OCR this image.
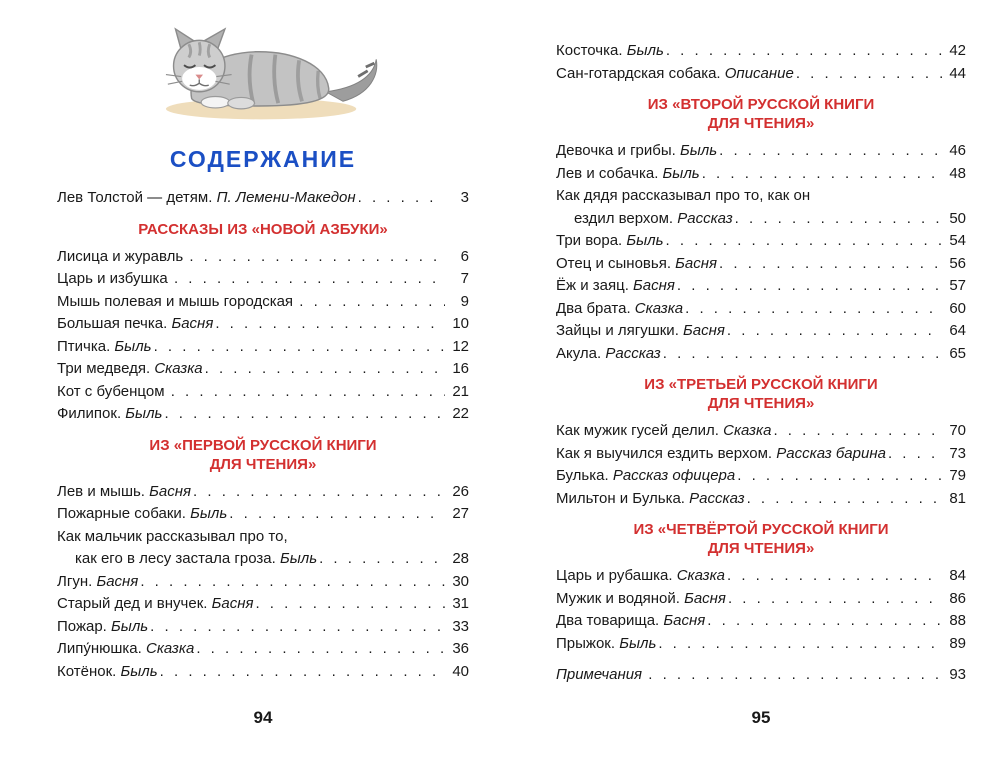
СОДЕРЖАНИЕ
Лев Толстой — детям. П. Лемени-Македон . . .	3
РАССКАЗЫ ИЗ «НОВОЙ АЗБУКИ»
Лисица и журавль . . .	6
Царь и избушка . . .	7
Мышь полевая и мышь городская . . .	9
Большая печка. Басня . . .	10
Птичка. Быль . . .	12
Три медведя. Сказка . . .	16
Кот с бубенцом . . .	21
Филипок. Быль . . .	22
ИЗ «ПЕРВОЙ РУССКОЙ КНИГИ
ДЛЯ ЧТЕНИЯ»
Лев и мышь. Басня . . .	26
Пожарные собаки. Быль . . .	27
Как мальчик рассказывал про то,
как его в лесу застала гроза. Быль . . .	28
Лгун. Басня . . .	30
Старый дед и внучек. Басня . . .	31
Пожар. Быль . . .	33
Липу́нюшка. Сказка . . .	36
Котёнок. Быль . . .	40
Косточка. Быль . . .	42
Сан-готардская собака. Описание . . .	44
ИЗ «ВТОРОЙ РУССКОЙ КНИГИ
ДЛЯ ЧТЕНИЯ»
Девочка и грибы. Быль . . .	46
Лев и собачка. Быль . . .	48
Как дядя рассказывал про то, как он
ездил верхом. Рассказ . . .	50
Три вора. Быль . . .	54
Отец и сыновья. Басня . . .	56
Ёж и заяц. Басня . . .	57
Два брата. Сказка . . .	60
Зайцы и лягушки. Басня . . .	64
Акула. Рассказ . . .	65
ИЗ «ТРЕТЬЕЙ РУССКОЙ КНИГИ
ДЛЯ ЧТЕНИЯ»
Как мужик гусей делил. Сказка . . .	70
Как я выучился ездить верхом. Рассказ барина . . .	73
Булька. Рассказ офицера . . .	79
Мильтон и Булька. Рассказ . . .	81
ИЗ «ЧЕТВЁРТОЙ РУССКОЙ КНИГИ
ДЛЯ ЧТЕНИЯ»
Царь и рубашка. Сказка . . .	84
Мужик и водяной. Басня . . .	86
Два товарища. Басня . . .	88
Прыжок. Быль . . .	89
Примечания . . .	93
94	95
